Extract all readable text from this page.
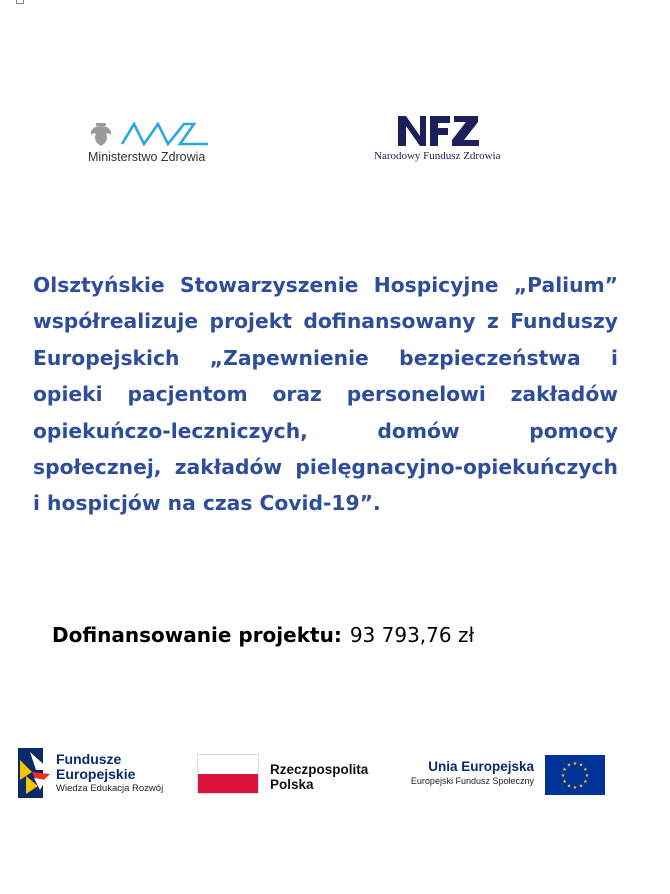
Ministerstwo Zdrowia	Narodowy Fundusz Zdrowia

Olsztyńskie Stowarzyszenie Hospicyjne „Palium” współrealizuje projekt dofinansowany z Funduszy Europejskich „Zapewnienie bezpieczeństwa i opieki pacjentom oraz personelowi zakładów opiekuńczo-leczniczych, domów pomocy społecznej, zakładów pielęgnacyjno-opiekuńczych i hospicjów na czas Covid-19”.

Dofinansowanie projektu: 93 793,76 zł
Fundusze
Europejskie
Wiedza Edukacja Rozwój
Rzeczpospolita
Polska
Unia Europejska
Europejski Fundusz Społeczny	★
★
★
★
★
★
★
★
★ ★ ★
★
